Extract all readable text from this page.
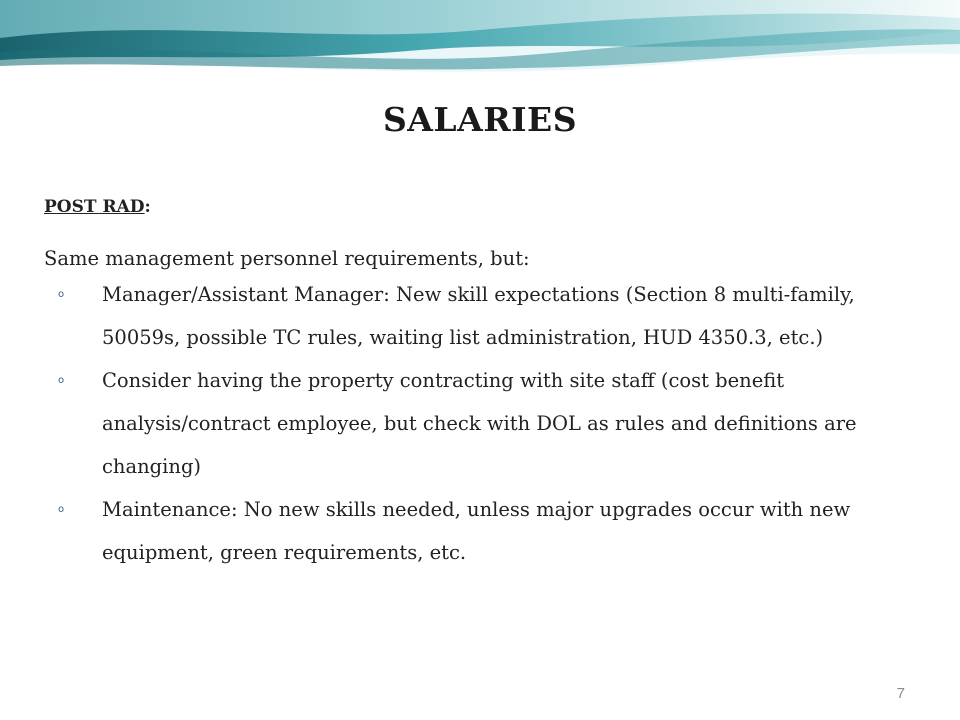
SALARIES
POST RAD:
Same management personnel requirements, but:
o Manager/Assistant Manager: New skill expectations (Section 8 multi-family, 50059s, possible TC rules, waiting list administration, HUD 4350.3, etc.)
o Consider having the property contracting with site staff (cost benefit analysis/contract employee, but check with DOL as rules and definitions are changing)
o Maintenance: No new skills needed, unless major upgrades occur with new equipment, green requirements, etc.
7
